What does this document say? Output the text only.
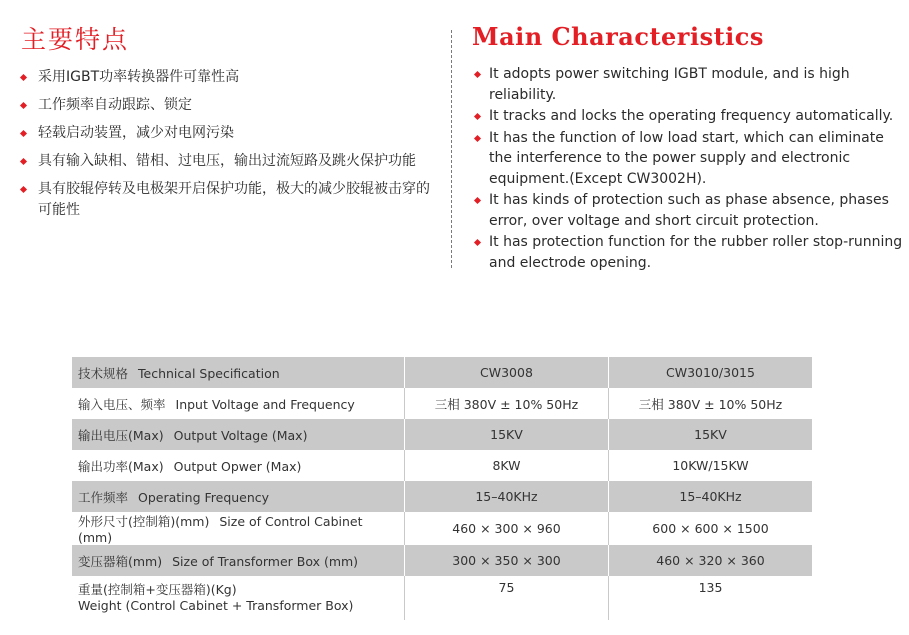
主要特点	Main Characteristics
采用IGBT功率转换器件可靠性高
工作频率自动跟踪、锁定
轻载启动装置，减少对电网污染
具有输入缺相、错相、过电压，输出过流短路及跳火保护功能
具有胶辊停转及电极架开启保护功能，极大的减少胶辊被击穿的可能性
It adopts power switching IGBT module, and is high reliability.
It tracks and locks the operating frequency automatically.
It has the function of low load start, which can eliminate the interference to the power supply and electronic equipment.(Except CW3002H).
It has kinds of protection such as phase absence, phases error, over voltage and short circuit protection.
It has protection function for the rubber roller stop-running and electrode opening.
技术规格 Technical Specification	CW3008	CW3010/3015
输入电压、频率 Input Voltage and Frequency	三相 380V ± 10% 50Hz	三相 380V ± 10% 50Hz
输出电压(Max) Output Voltage (Max)	15KV	15KV
输出功率(Max) Output Opwer (Max)	8KW	10KW/15KW
工作频率 Operating Frequency	15–40KHz	15–40KHz
外形尺寸(控制箱)(mm) Size of Control Cabinet (mm)	460 × 300 × 960	600 × 600 × 1500
变压器箱(mm) Size of Transformer Box (mm)	300 × 350 × 300	460 × 320 × 360
重量(控制箱+变压器箱)(Kg)
Weight (Control Cabinet + Transformer Box)	75	135
